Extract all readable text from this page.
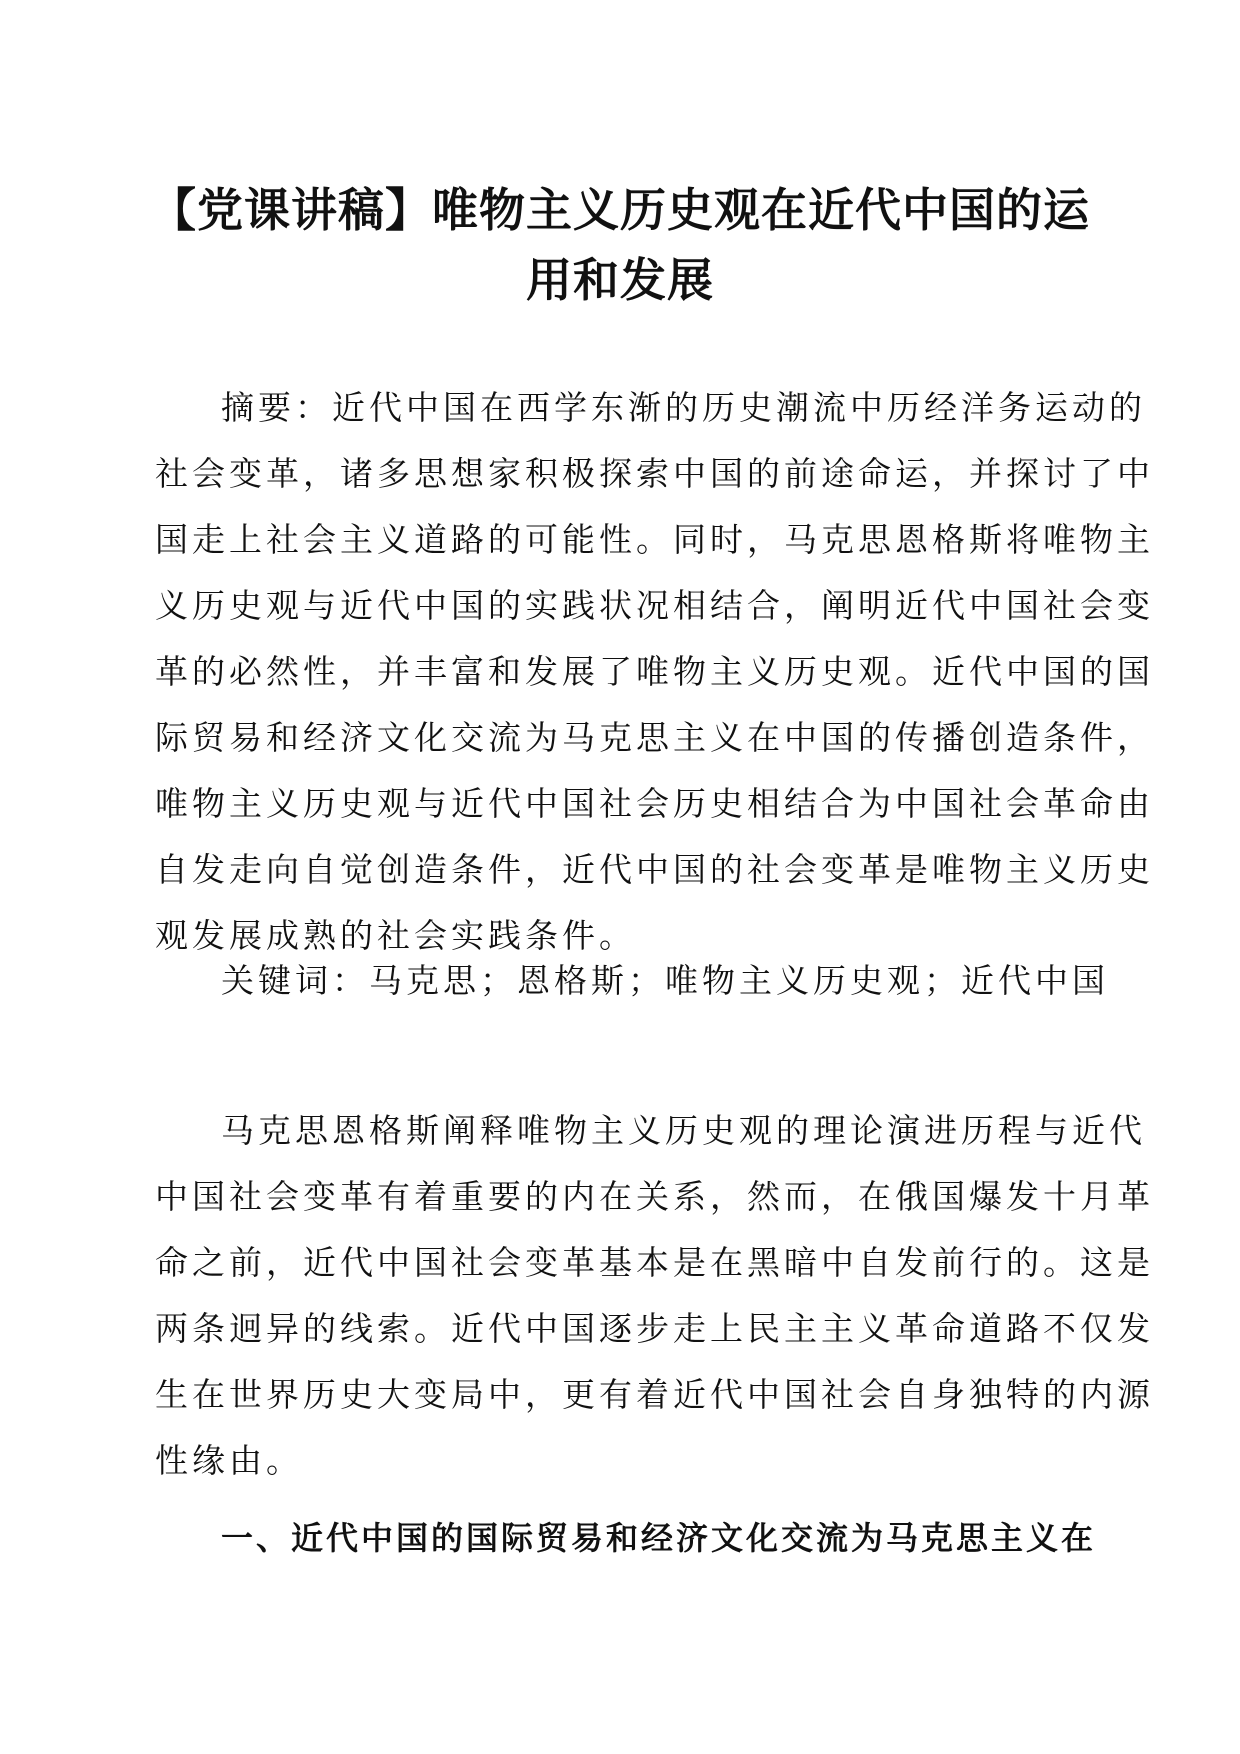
【党课讲稿】唯物主义历史观在近代中国的运
用和发展
摘要：近代中国在西学东渐的历史潮流中历经洋务运动的
社会变革，诸多思想家积极探索中国的前途命运，并探讨了中
国走上社会主义道路的可能性。同时，马克思恩格斯将唯物主
义历史观与近代中国的实践状况相结合，阐明近代中国社会变
革的必然性，并丰富和发展了唯物主义历史观。近代中国的国
际贸易和经济文化交流为马克思主义在中国的传播创造条件，
唯物主义历史观与近代中国社会历史相结合为中国社会革命由
自发走向自觉创造条件，近代中国的社会变革是唯物主义历史
观发展成熟的社会实践条件。
关键词：马克思；恩格斯；唯物主义历史观；近代中国
马克思恩格斯阐释唯物主义历史观的理论演进历程与近代
中国社会变革有着重要的内在关系，然而，在俄国爆发十月革
命之前，近代中国社会变革基本是在黑暗中自发前行的。这是
两条迥异的线索。近代中国逐步走上民主主义革命道路不仅发
生在世界历史大变局中，更有着近代中国社会自身独特的内源
性缘由。
一、近代中国的国际贸易和经济文化交流为马克思主义在
